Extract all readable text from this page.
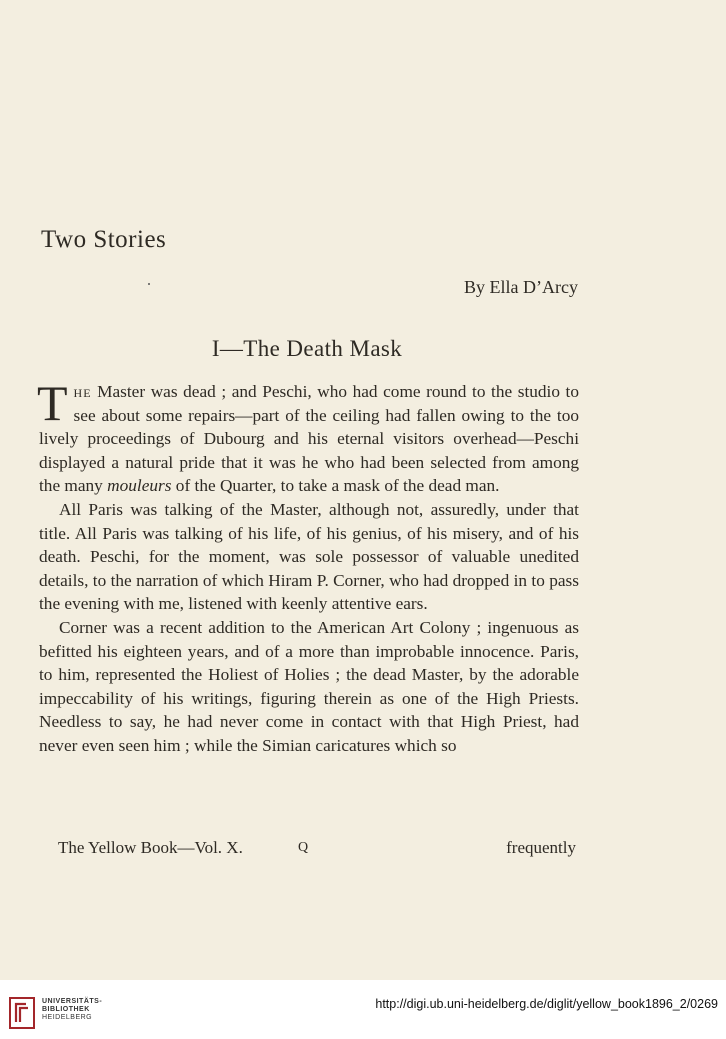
Two Stories
By Ella D’Arcy
I—The Death Mask

The Master was dead ; and Peschi, who had come round to the studio to see about some repairs—part of the ceiling had fallen owing to the too lively proceedings of Dubourg and his eternal visitors overhead—Peschi displayed a natural pride that it was he who had been selected from among the many mouleurs of the Quarter, to take a mask of the dead man.

All Paris was talking of the Master, although not, assuredly, under that title. All Paris was talking of his life, of his genius, of his misery, and of his death. Peschi, for the moment, was sole possessor of valuable unedited details, to the narration of which Hiram P. Corner, who had dropped in to pass the evening with me, listened with keenly attentive ears.

Corner was a recent addition to the American Art Colony ; ingenuous as befitted his eighteen years, and of a more than improbable innocence. Paris, to him, represented the Holiest of Holies ; the dead Master, by the adorable impeccability of his writings, figuring therein as one of the High Priests. Needless to say, he had never come in contact with that High Priest, had never even seen him ; while the Simian caricatures which so

The Yellow Book—Vol. X.	Q	frequently
UNIVERSITÄTS-
BIBLIOTHEK
HEIDELBERG
http://digi.ub.uni-heidelberg.de/diglit/yellow_book1896_2/0269
